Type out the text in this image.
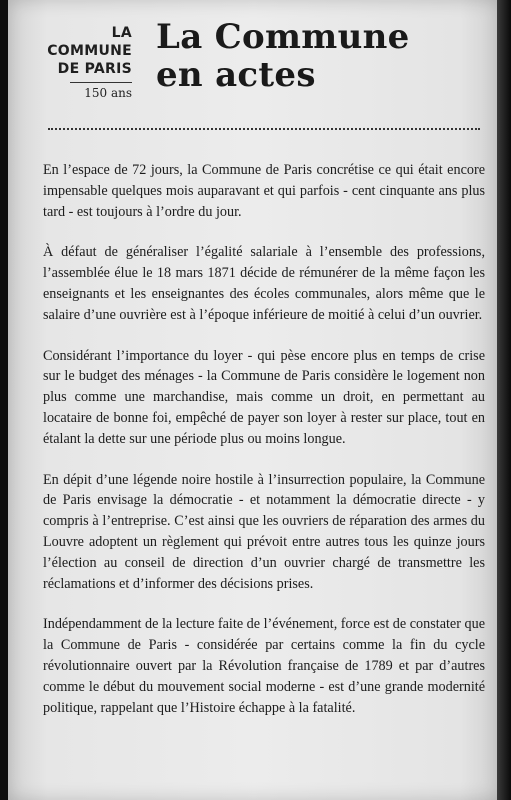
LA
COMMUNE
DE PARIS
150 ans
La Commune
en actes

En l’espace de 72 jours, la Commune de Paris concrétise ce qui était encore impensable quelques mois auparavant et qui parfois - cent cinquante ans plus tard - est toujours à l’ordre du jour.

À défaut de généraliser l’égalité salariale à l’ensemble des professions, l’assemblée élue le 18 mars 1871 décide de rémunérer de la même façon les enseignants et les enseignantes des écoles communales, alors même que le salaire d’une ouvrière est à l’époque inférieure de moitié à celui d’un ouvrier.

Considérant l’importance du loyer - qui pèse encore plus en temps de crise sur le budget des ménages - la Commune de Paris considère le logement non plus comme une marchandise, mais comme un droit, en permettant au locataire de bonne foi, empêché de payer son loyer à rester sur place, tout en étalant la dette sur une période plus ou moins longue.

En dépit d’une légende noire hostile à l’insurrection populaire, la Commune de Paris envisage la démocratie - et notamment la démocratie directe - y compris à l’entreprise. C’est ainsi que les ouvriers de réparation des armes du Louvre adoptent un règlement qui prévoit entre autres tous les quinze jours l’élection au conseil de direction d’un ouvrier chargé de transmettre les réclamations et d’informer des décisions prises.

Indépendamment de la lecture faite de l’événement, force est de constater que la Commune de Paris - considérée par certains comme la fin du cycle révolutionnaire ouvert par la Révolution française de 1789 et par d’autres comme le début du mouvement social moderne - est d’une grande modernité politique, rappelant que l’Histoire échappe à la fatalité.
